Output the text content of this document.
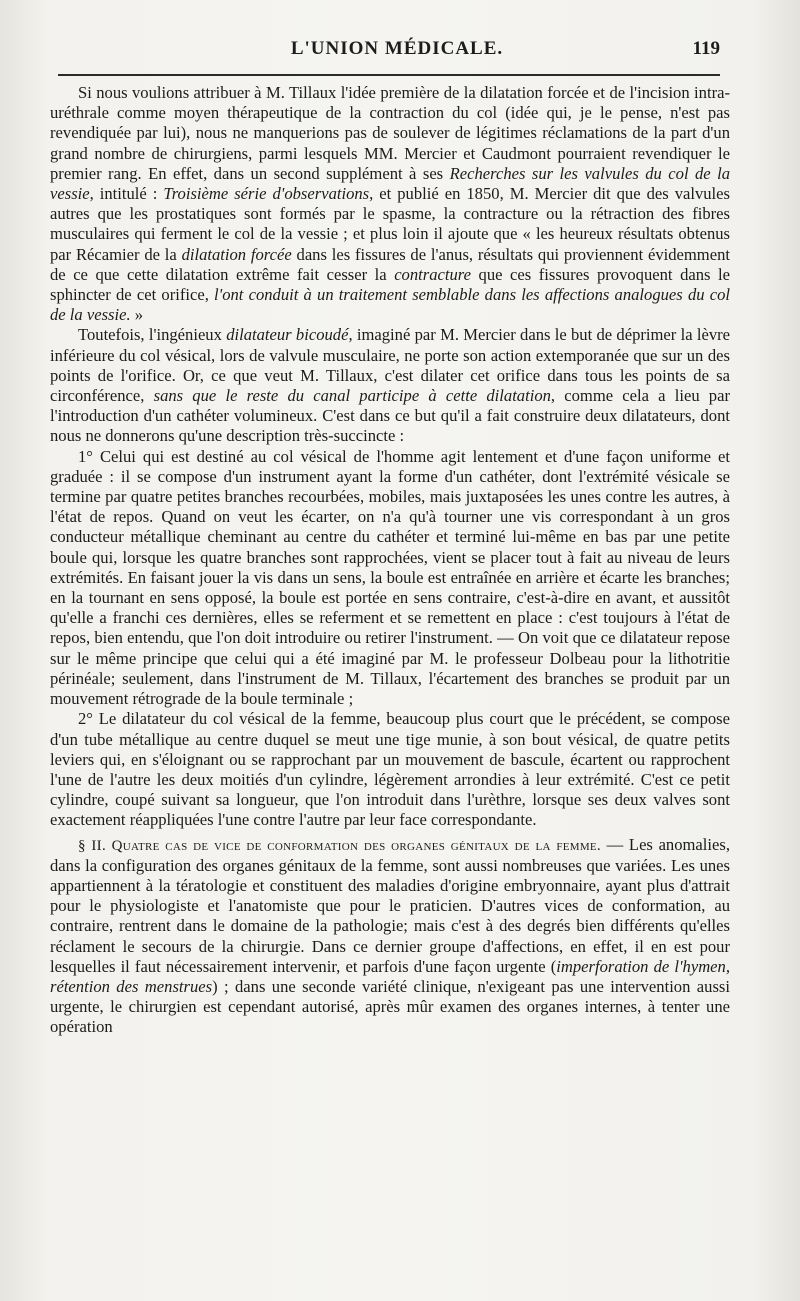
L'UNION MÉDICALE.	119

Si nous voulions attribuer à M. Tillaux l'idée première de la dilatation forcée et de l'incision intra-uréthrale comme moyen thérapeutique de la contraction du col (idée qui, je le pense, n'est pas revendiquée par lui), nous ne manquerions pas de soulever de légitimes réclamations de la part d'un grand nombre de chirurgiens, parmi lesquels MM. Mercier et Caudmont pourraient revendiquer le premier rang. En effet, dans un second supplément à ses Recherches sur les valvules du col de la vessie, intitulé : Troisième série d'observations, et publié en 1850, M. Mercier dit que des valvules autres que les prostatiques sont formés par le spasme, la contracture ou la rétraction des fibres musculaires qui ferment le col de la vessie ; et plus loin il ajoute que « les heureux résultats obtenus par Récamier de la dilatation forcée dans les fissures de l'anus, résultats qui proviennent évidemment de ce que cette dilatation extrême fait cesser la contracture que ces fissures provoquent dans le sphincter de cet orifice, l'ont conduit à un traitement semblable dans les affections analogues du col de la vessie. »

Toutefois, l'ingénieux dilatateur bicoudé, imaginé par M. Mercier dans le but de déprimer la lèvre inférieure du col vésical, lors de valvule musculaire, ne porte son action extemporanée que sur un des points de l'orifice. Or, ce que veut M. Tillaux, c'est dilater cet orifice dans tous les points de sa circonférence, sans que le reste du canal participe à cette dilatation, comme cela a lieu par l'introduction d'un cathéter volumineux. C'est dans ce but qu'il a fait construire deux dilatateurs, dont nous ne donnerons qu'une description très-succincte :

1° Celui qui est destiné au col vésical de l'homme agit lentement et d'une façon uniforme et graduée : il se compose d'un instrument ayant la forme d'un cathéter, dont l'extrémité vésicale se termine par quatre petites branches recourbées, mobiles, mais juxtaposées les unes contre les autres, à l'état de repos. Quand on veut les écarter, on n'a qu'à tourner une vis correspondant à un gros conducteur métallique cheminant au centre du cathéter et terminé lui-même en bas par une petite boule qui, lorsque les quatre branches sont rapprochées, vient se placer tout à fait au niveau de leurs extrémités. En faisant jouer la vis dans un sens, la boule est entraînée en arrière et écarte les branches; en la tournant en sens opposé, la boule est portée en sens contraire, c'est-à-dire en avant, et aussitôt qu'elle a franchi ces dernières, elles se referment et se remettent en place : c'est toujours à l'état de repos, bien entendu, que l'on doit introduire ou retirer l'instrument. — On voit que ce dilatateur repose sur le même principe que celui qui a été imaginé par M. le professeur Dolbeau pour la lithotritie périnéale; seulement, dans l'instrument de M. Tillaux, l'écartement des branches se produit par un mouvement rétrograde de la boule terminale ;

2° Le dilatateur du col vésical de la femme, beaucoup plus court que le précédent, se compose d'un tube métallique au centre duquel se meut une tige munie, à son bout vésical, de quatre petits leviers qui, en s'éloignant ou se rapprochant par un mouvement de bascule, écartent ou rapprochent l'une de l'autre les deux moitiés d'un cylindre, légèrement arrondies à leur extrémité. C'est ce petit cylindre, coupé suivant sa longueur, que l'on introduit dans l'urèthre, lorsque ses deux valves sont exactement réappliquées l'une contre l'autre par leur face correspondante.

§ II. Quatre cas de vice de conformation des organes génitaux de la femme. — Les anomalies, dans la configuration des organes génitaux de la femme, sont aussi nombreuses que variées. Les unes appartiennent à la tératologie et constituent des maladies d'origine embryonnaire, ayant plus d'attrait pour le physiologiste et l'anatomiste que pour le praticien. D'autres vices de conformation, au contraire, rentrent dans le domaine de la pathologie; mais c'est à des degrés bien différents qu'elles réclament le secours de la chirurgie. Dans ce dernier groupe d'affections, en effet, il en est pour lesquelles il faut nécessairement intervenir, et parfois d'une façon urgente (imperforation de l'hymen, rétention des menstrues) ; dans une seconde variété clinique, n'exigeant pas une intervention aussi urgente, le chirurgien est cependant autorisé, après mûr examen des organes internes, à tenter une opération
